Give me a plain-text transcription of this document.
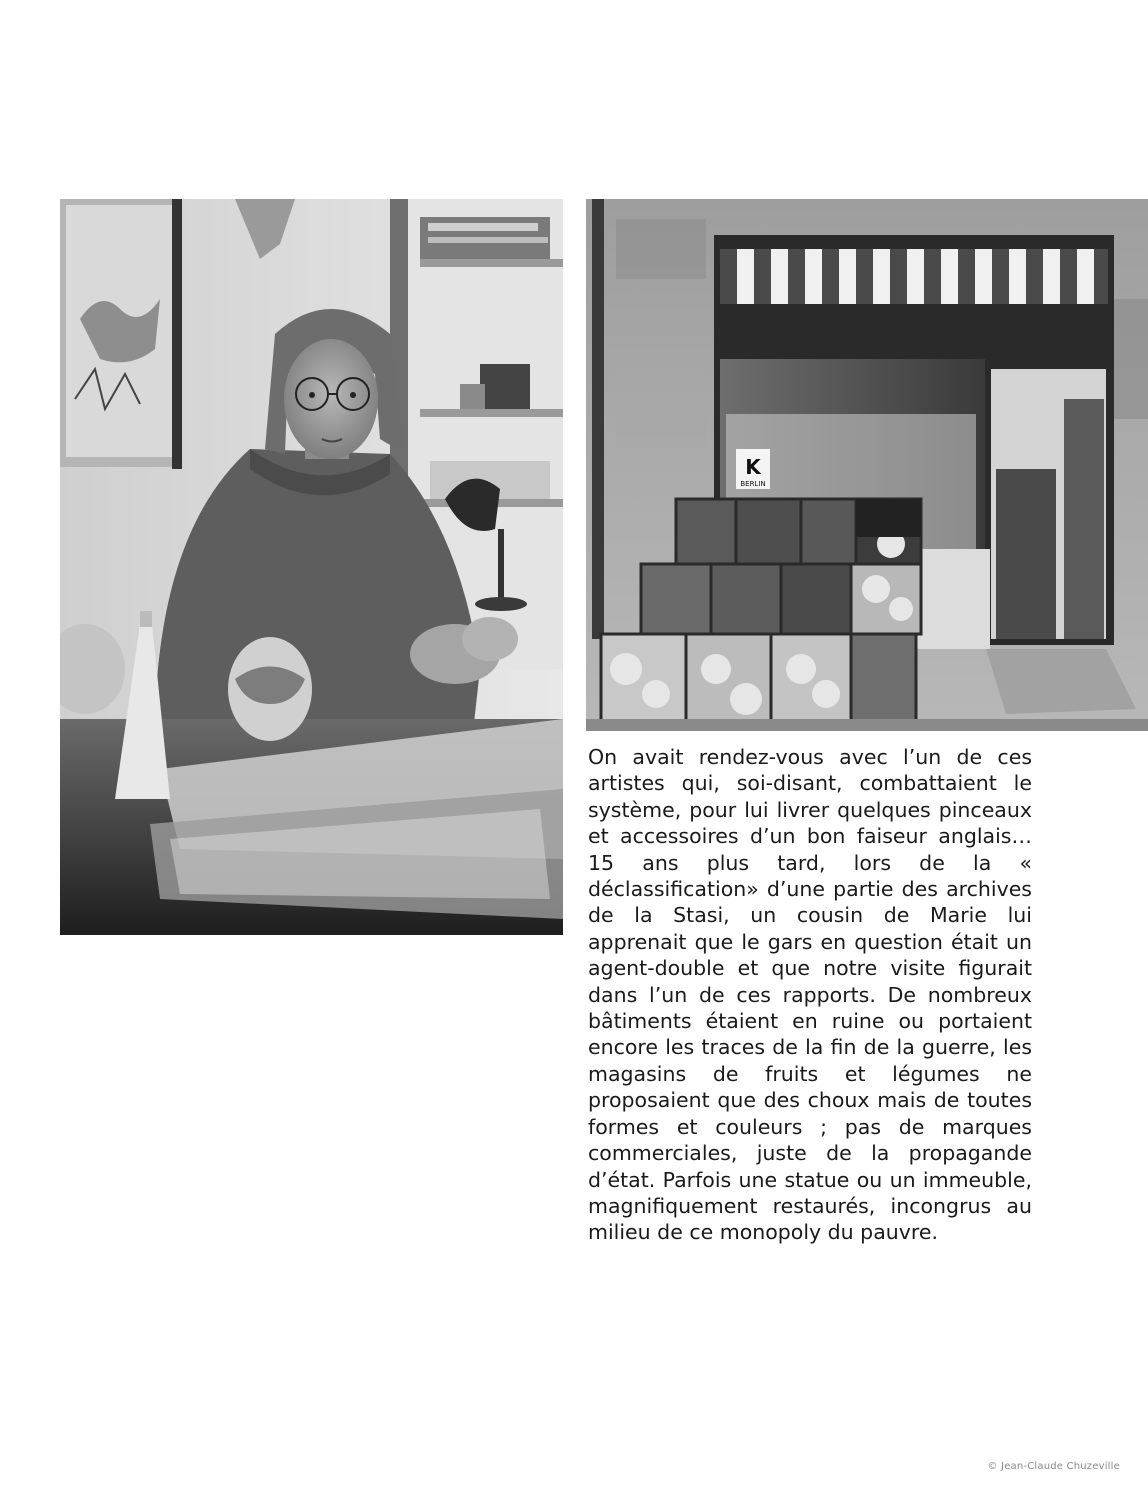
K
BERLIN

On avait rendez-vous avec l’un de ces artistes qui, soi-disant, combattaient le système, pour lui livrer quelques pinceaux et accessoires d’un bon faiseur anglais… 15 ans plus tard, lors de la « déclassification» d’une partie des archives de la Stasi, un cousin de Marie lui apprenait que le gars en question était un agent-double et que notre visite figurait dans l’un de ces rapports. De nombreux bâtiments étaient en ruine ou portaient encore les traces de la fin de la guerre, les magasins de fruits et légumes ne proposaient que des choux mais de toutes formes et couleurs ; pas de marques commerciales, juste de la propagande d’état. Parfois une statue ou un immeuble, magnifiquement restaurés, incongrus au milieu de ce monopoly du pauvre.

© Jean-Claude Chuzeville
